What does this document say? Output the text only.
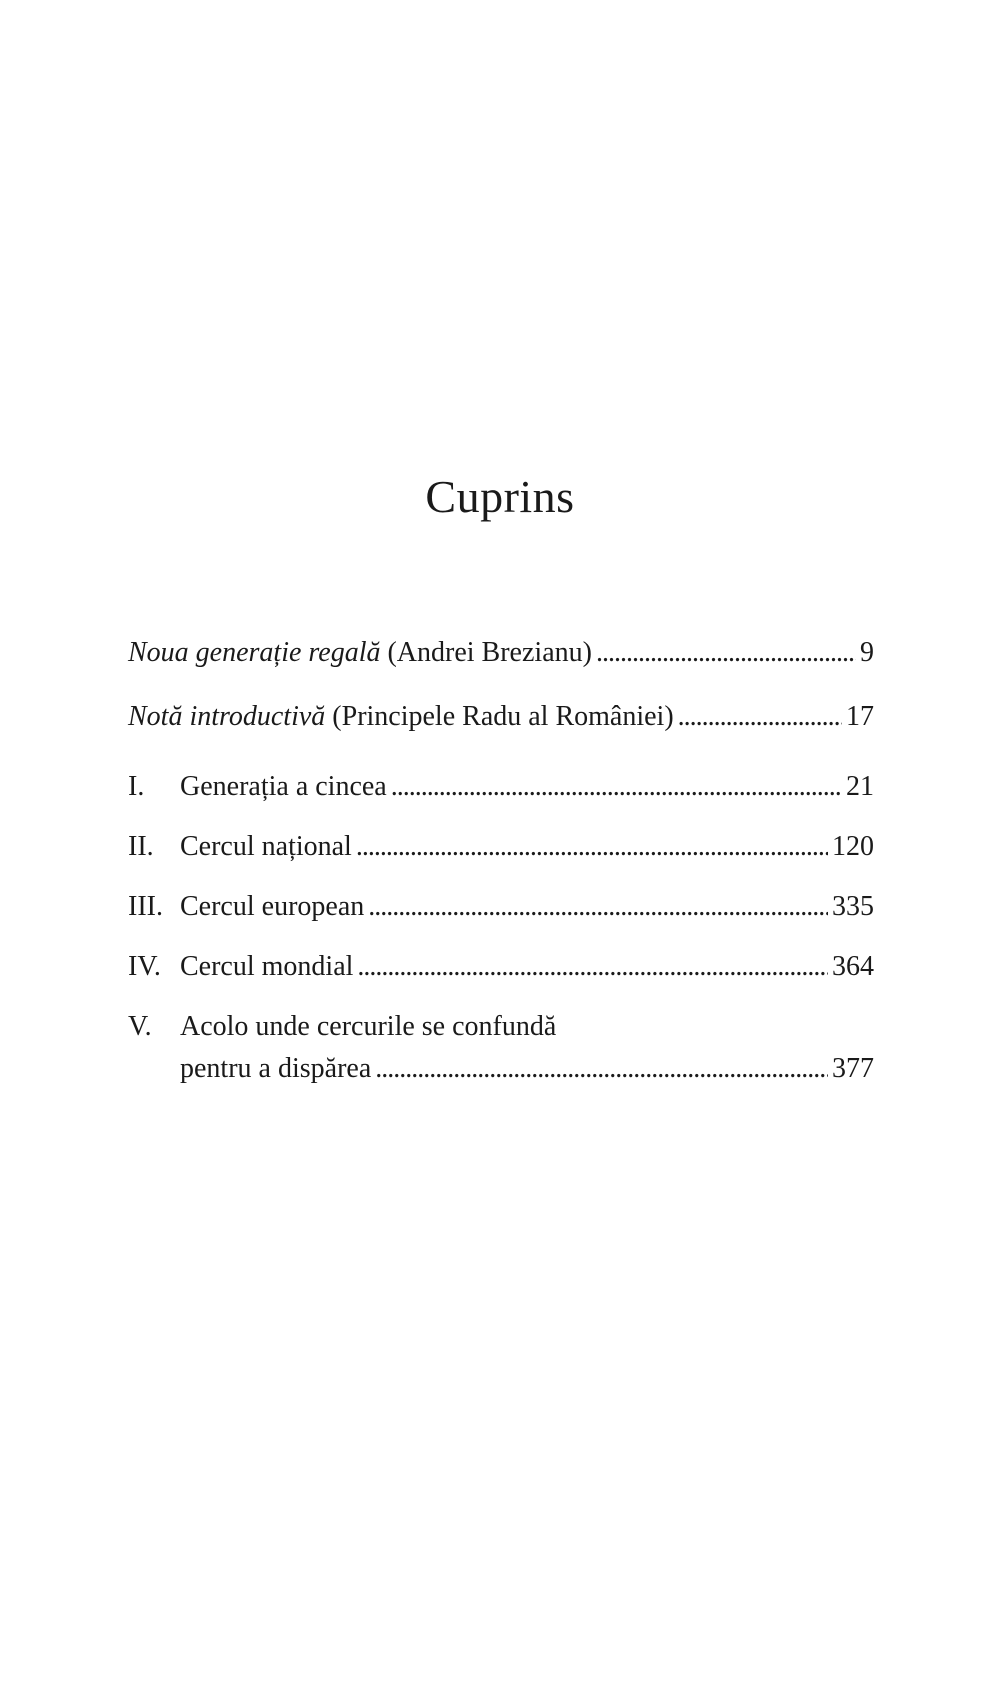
Cuprins
Noua generație regală (Andrei Brezianu) . . .	9
Notă introductivă (Principele Radu al României) . . .	17
I.	Generația a cincea . . .	21
II. Cercul național . . .	120
III. Cercul european . . .	335
IV. Cercul mondial . . .	364
V. Acolo unde cercurile se confundă
pentru a dispărea . . .	377
